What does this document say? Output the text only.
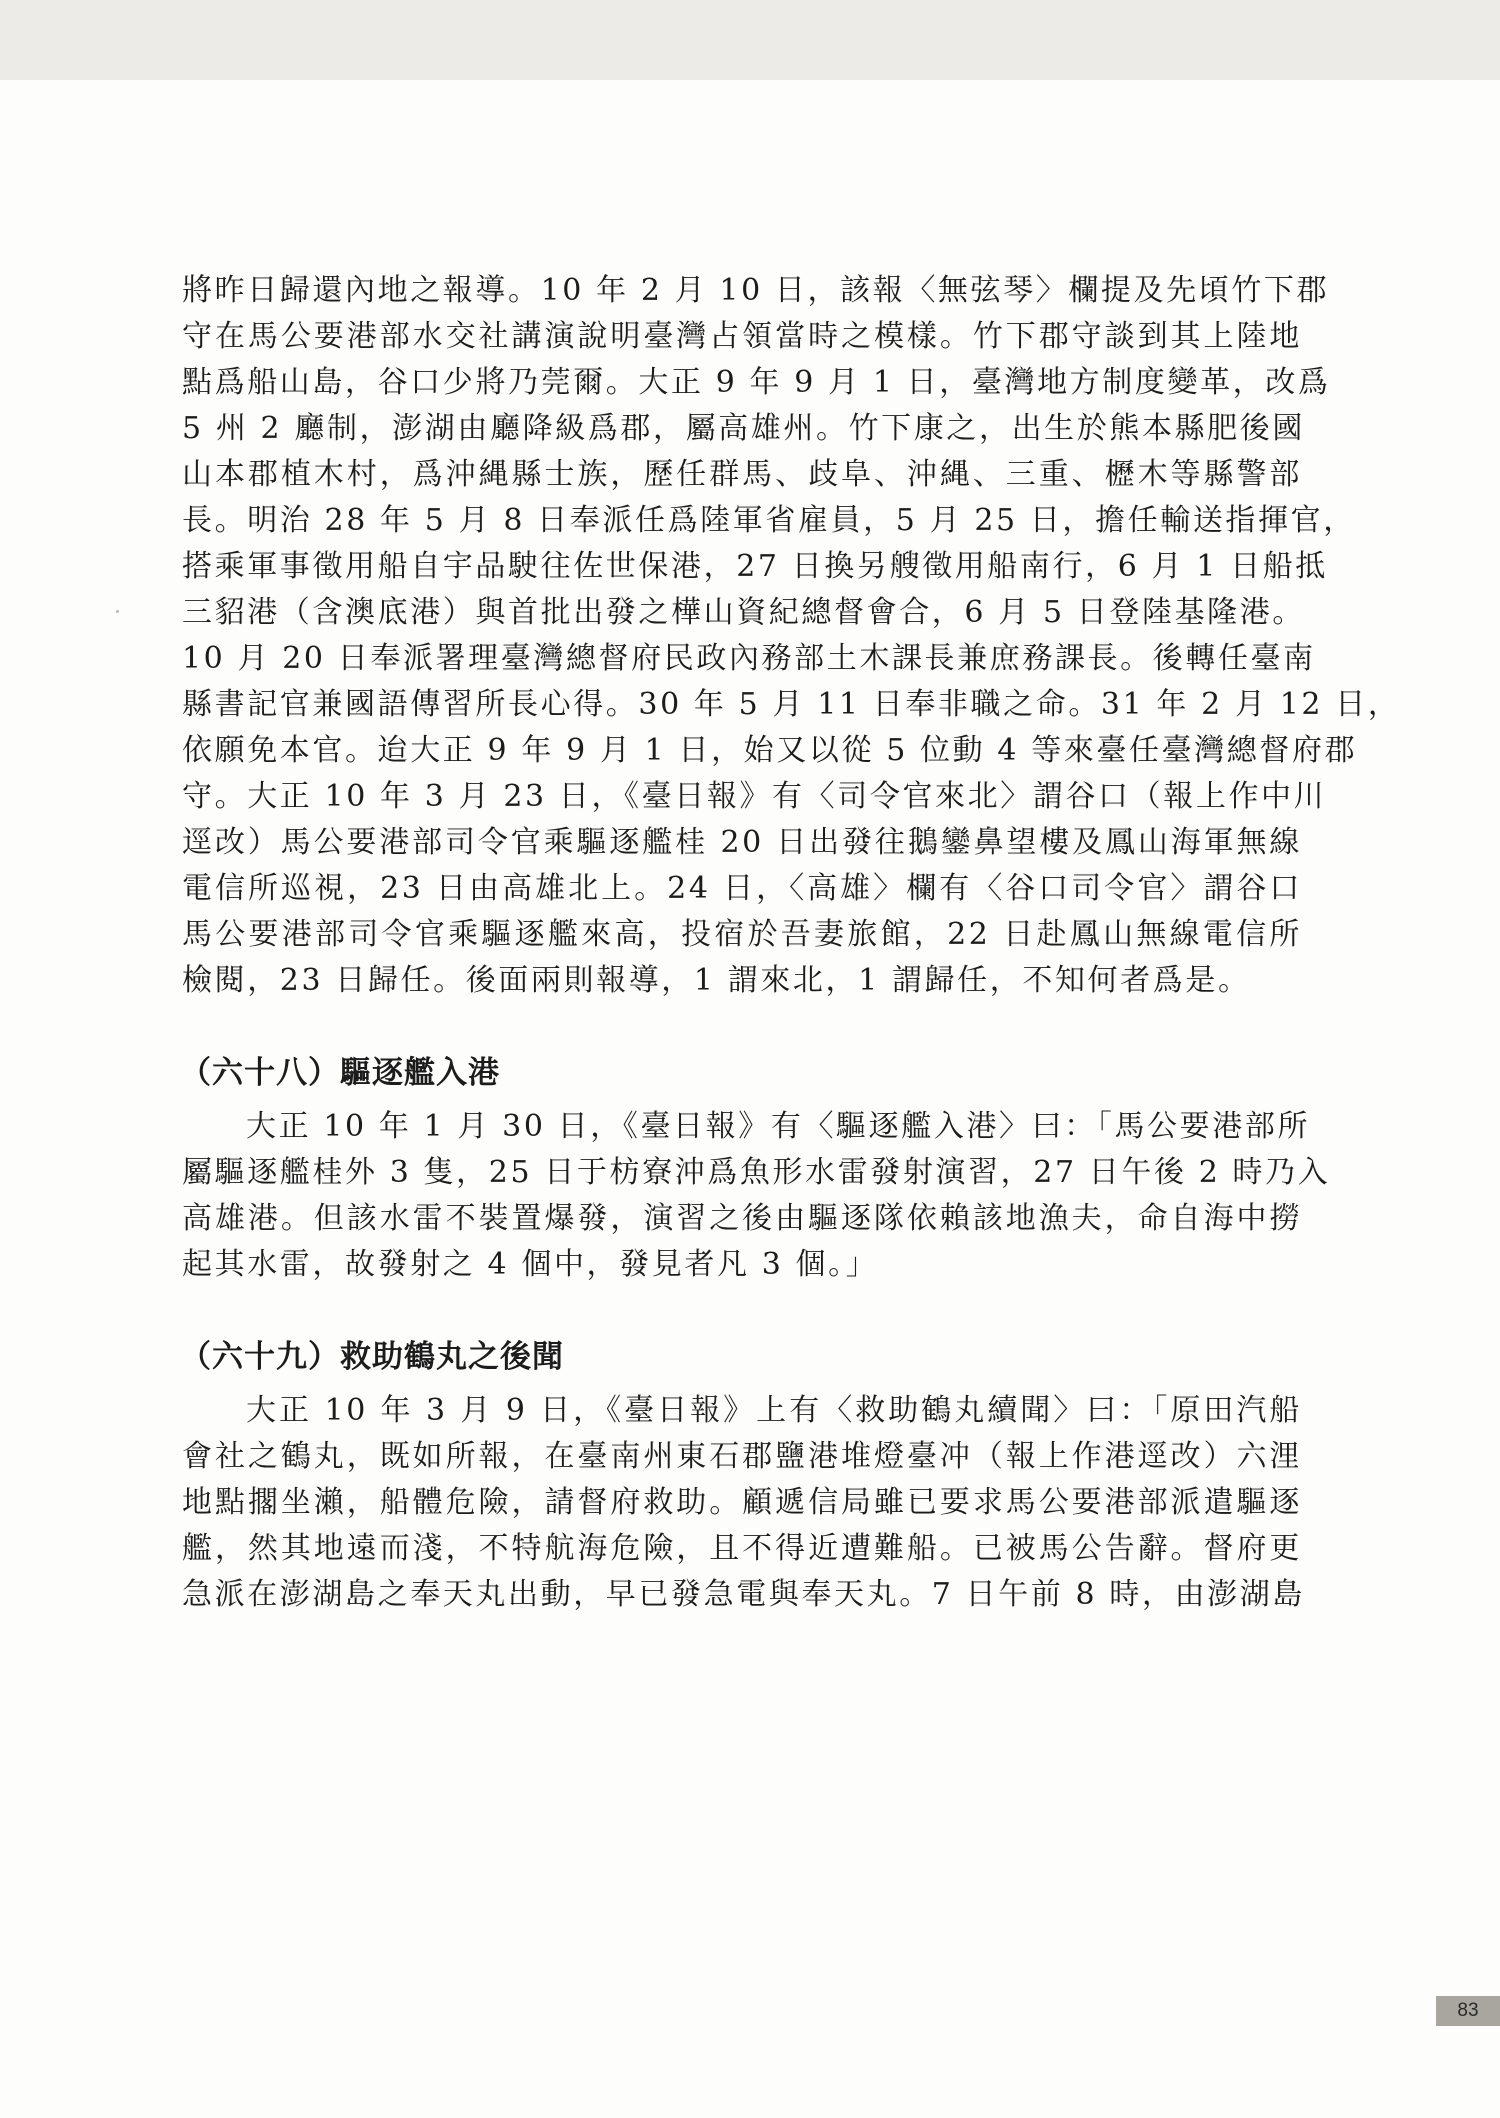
將昨日歸還內地之報導。10 年 2 月 10 日，該報〈無弦琴〉欄提及先頃竹下郡
守在馬公要港部水交社講演說明臺灣占領當時之模樣。竹下郡守談到其上陸地
點爲船山島，谷口少將乃莞爾。大正 9 年 9 月 1 日，臺灣地方制度變革，改爲
5 州 2 廳制，澎湖由廳降級爲郡，屬高雄州。竹下康之，出生於熊本縣肥後國
山本郡植木村，爲沖縄縣士族，歷任群馬、歧阜、沖縄、三重、櫪木等縣警部
長。明治 28 年 5 月 8 日奉派任爲陸軍省雇員，5 月 25 日，擔任輸送指揮官，
搭乘軍事徵用船自宇品駛往佐世保港，27 日換另艘徵用船南行，6 月 1 日船抵
三貂港（含澳底港）與首批出發之樺山資紀總督會合，6 月 5 日登陸基隆港。
10 月 20 日奉派署理臺灣總督府民政內務部土木課長兼庶務課長。後轉任臺南
縣書記官兼國語傳習所長心得。30 年 5 月 11 日奉非職之命。31 年 2 月 12 日，
依願免本官。迨大正 9 年 9 月 1 日，始又以從 5 位動 4 等來臺任臺灣總督府郡
守。大正 10 年 3 月 23 日，《臺日報》有〈司令官來北〉謂谷口（報上作中川
逕改）馬公要港部司令官乘驅逐艦桂 20 日出發往鵝鑾鼻望樓及鳳山海軍無線
電信所巡視，23 日由高雄北上。24 日，〈高雄〉欄有〈谷口司令官〉謂谷口
馬公要港部司令官乘驅逐艦來高，投宿於吾妻旅館，22 日赴鳳山無線電信所
檢閱，23 日歸任。後面兩則報導，1 謂來北，1 謂歸任，不知何者爲是。
（六十八）驅逐艦入港
大正 10 年 1 月 30 日，《臺日報》有〈驅逐艦入港〉曰：「馬公要港部所
屬驅逐艦桂外 3 隻，25 日于枋寮沖爲魚形水雷發射演習，27 日午後 2 時乃入
高雄港。但該水雷不裝置爆發，演習之後由驅逐隊依賴該地漁夫，命自海中撈
起其水雷，故發射之 4 個中，發見者凡 3 個。」
（六十九）救助鶴丸之後聞
大正 10 年 3 月 9 日，《臺日報》上有〈救助鶴丸續聞〉曰：「原田汽船
會社之鶴丸，既如所報，在臺南州東石郡鹽港堆燈臺冲（報上作港逕改）六浬
地點擱坐瀨，船體危險，請督府救助。顧遞信局雖已要求馬公要港部派遣驅逐
艦，然其地遠而淺，不特航海危險，且不得近遭難船。已被馬公告辭。督府更
急派在澎湖島之奉天丸出動，早已發急電與奉天丸。7 日午前 8 時，由澎湖島
83
